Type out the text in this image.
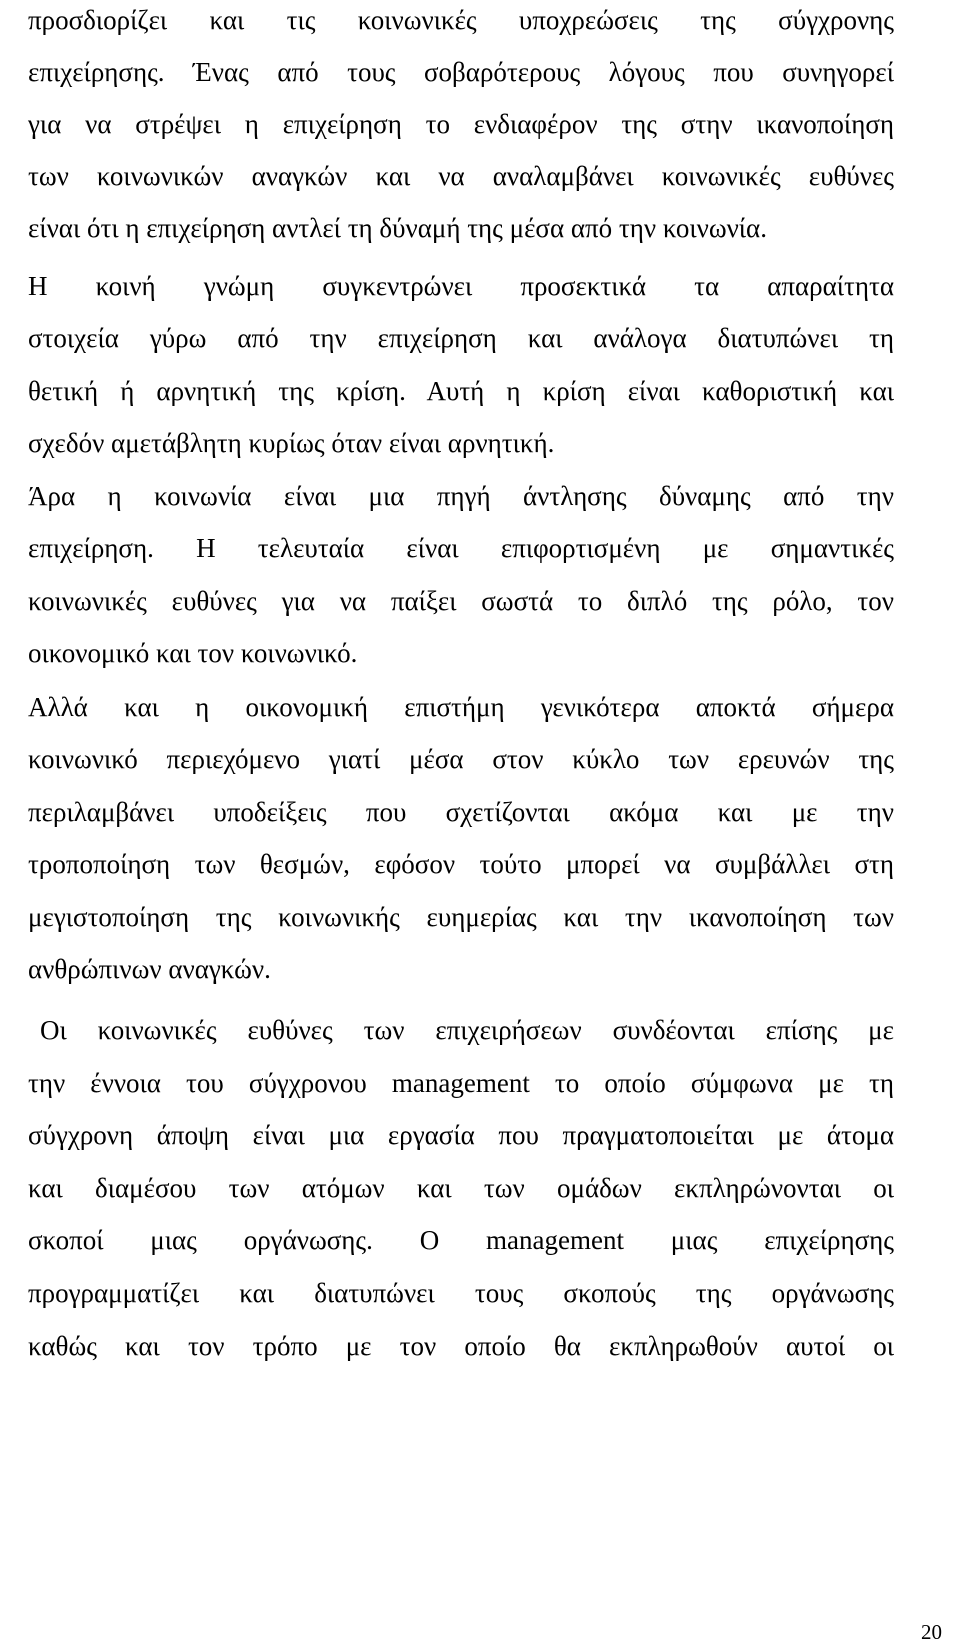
προσδιορίζει και τις κοινωνικές υποχρεώσεις της σύγχρονης
επιχείρησης. Ένας από τους σοβαρότερους λόγους που συνηγορεί
για να στρέψει η επιχείρηση το ενδιαφέρον της στην ικανοποίηση
των κοινωνικών αναγκών και να αναλαμβάνει κοινωνικές ευθύνες
είναι ότι η επιχείρηση αντλεί τη δύναμή της μέσα από την κοινωνία.
Η κοινή γνώμη συγκεντρώνει προσεκτικά τα απαραίτητα
στοιχεία γύρω από την επιχείρηση και ανάλογα διατυπώνει τη
θετική ή αρνητική της κρίση. Αυτή η κρίση είναι καθοριστική και
σχεδόν αμετάβλητη κυρίως όταν είναι αρνητική.
Άρα η κοινωνία είναι μια πηγή άντλησης δύναμης από την
επιχείρηση. Η τελευταία είναι επιφορτισμένη με σημαντικές
κοινωνικές ευθύνες για να παίξει σωστά το διπλό της ρόλο, τον
οικονομικό και τον κοινωνικό.
Αλλά και η οικονομική επιστήμη γενικότερα αποκτά σήμερα
κοινωνικό περιεχόμενο γιατί μέσα στον κύκλο των ερευνών της
περιλαμβάνει υποδείξεις που σχετίζονται ακόμα και με την
τροποποίηση των θεσμών, εφόσον τούτο μπορεί να συμβάλλει στη
μεγιστοποίηση της κοινωνικής ευημερίας και την ικανοποίηση των
ανθρώπινων αναγκών.
Οι κοινωνικές ευθύνες των επιχειρήσεων συνδέονται επίσης με
την έννοια του σύγχρονου management το οποίο σύμφωνα με τη
σύγχρονη άποψη είναι μια εργασία που πραγματοποιείται με άτομα
και διαμέσου των ατόμων και των ομάδων εκπληρώνονται οι
σκοποί μιας οργάνωσης. Ο management μιας επιχείρησης
προγραμματίζει και διατυπώνει τους σκοπούς της οργάνωσης
καθώς και τον τρόπο με τον οποίο θα εκπληρωθούν αυτοί οι
20
